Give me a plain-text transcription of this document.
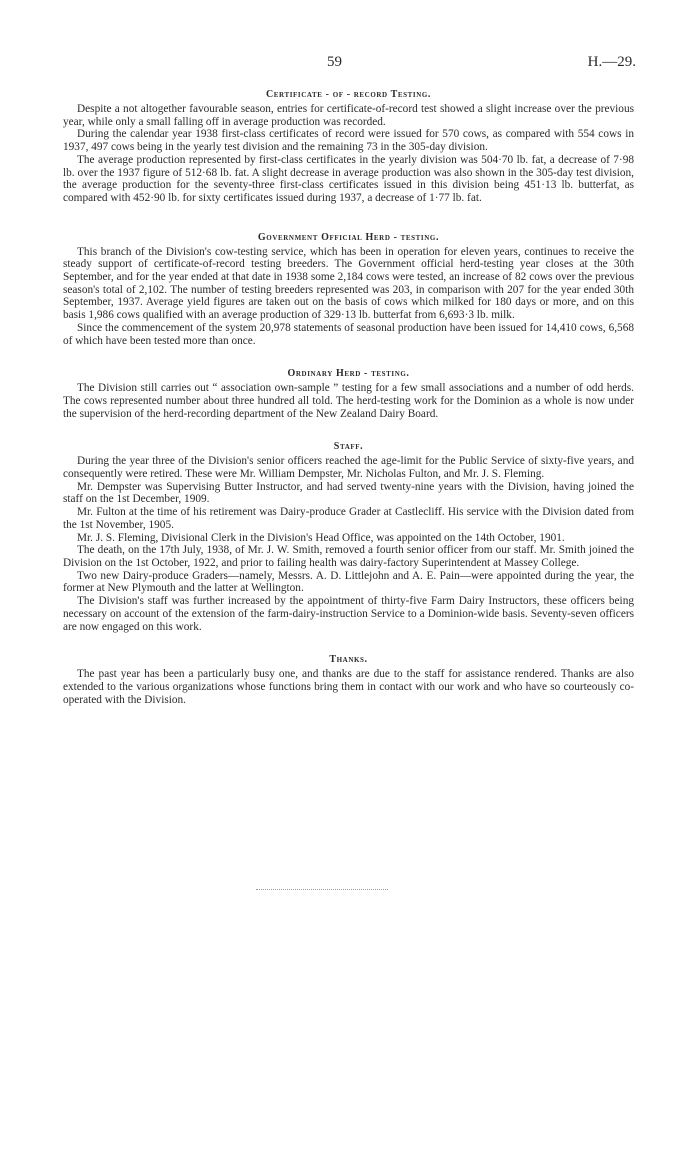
59	H.—29.
Certificate - of - record Testing.

Despite a not altogether favourable season, entries for certificate-of-record test showed a slight increase over the previous year, while only a small falling off in average production was recorded.

During the calendar year 1938 first-class certificates of record were issued for 570 cows, as compared with 554 cows in 1937, 497 cows being in the yearly test division and the remaining 73 in the 305-day division.

The average production represented by first-class certificates in the yearly division was 504·70 lb. fat, a decrease of 7·98 lb. over the 1937 figure of 512·68 lb. fat. A slight decrease in average production was also shown in the 305-day test division, the average production for the seventy-three first-class certificates issued in this division being 451·13 lb. butterfat, as compared with 452·90 lb. for sixty certificates issued during 1937, a decrease of 1·77 lb. fat.

Government Official Herd - testing.

This branch of the Division's cow-testing service, which has been in operation for eleven years, continues to receive the steady support of certificate-of-record testing breeders. The Government official herd-testing year closes at the 30th September, and for the year ended at that date in 1938 some 2,184 cows were tested, an increase of 82 cows over the previous season's total of 2,102. The number of testing breeders represented was 203, in comparison with 207 for the year ended 30th September, 1937. Average yield figures are taken out on the basis of cows which milked for 180 days or more, and on this basis 1,986 cows qualified with an average production of 329·13 lb. butterfat from 6,693·3 lb. milk.

Since the commencement of the system 20,978 statements of seasonal production have been issued for 14,410 cows, 6,568 of which have been tested more than once.

Ordinary Herd - testing.

The Division still carries out “ association own-sample ” testing for a few small associations and a number of odd herds. The cows represented number about three hundred all told. The herd-testing work for the Dominion as a whole is now under the supervision of the herd-recording department of the New Zealand Dairy Board.

Staff.

During the year three of the Division's senior officers reached the age-limit for the Public Service of sixty-five years, and consequently were retired. These were Mr. William Dempster, Mr. Nicholas Fulton, and Mr. J. S. Fleming.

Mr. Dempster was Supervising Butter Instructor, and had served twenty-nine years with the Division, having joined the staff on the 1st December, 1909.

Mr. Fulton at the time of his retirement was Dairy-produce Grader at Castlecliff. His service with the Division dated from the 1st November, 1905.

Mr. J. S. Fleming, Divisional Clerk in the Division's Head Office, was appointed on the 14th October, 1901.

The death, on the 17th July, 1938, of Mr. J. W. Smith, removed a fourth senior officer from our staff. Mr. Smith joined the Division on the 1st October, 1922, and prior to failing health was dairy-factory Superintendent at Massey College.

Two new Dairy-produce Graders—namely, Messrs. A. D. Littlejohn and A. E. Pain—were appointed during the year, the former at New Plymouth and the latter at Wellington.

The Division's staff was further increased by the appointment of thirty-five Farm Dairy Instructors, these officers being necessary on account of the extension of the farm-dairy-instruction Service to a Dominion-wide basis. Seventy-seven officers are now engaged on this work.

Thanks.

The past year has been a particularly busy one, and thanks are due to the staff for assistance rendered. Thanks are also extended to the various organizations whose functions bring them in contact with our work and who have so courteously co-operated with the Division.
